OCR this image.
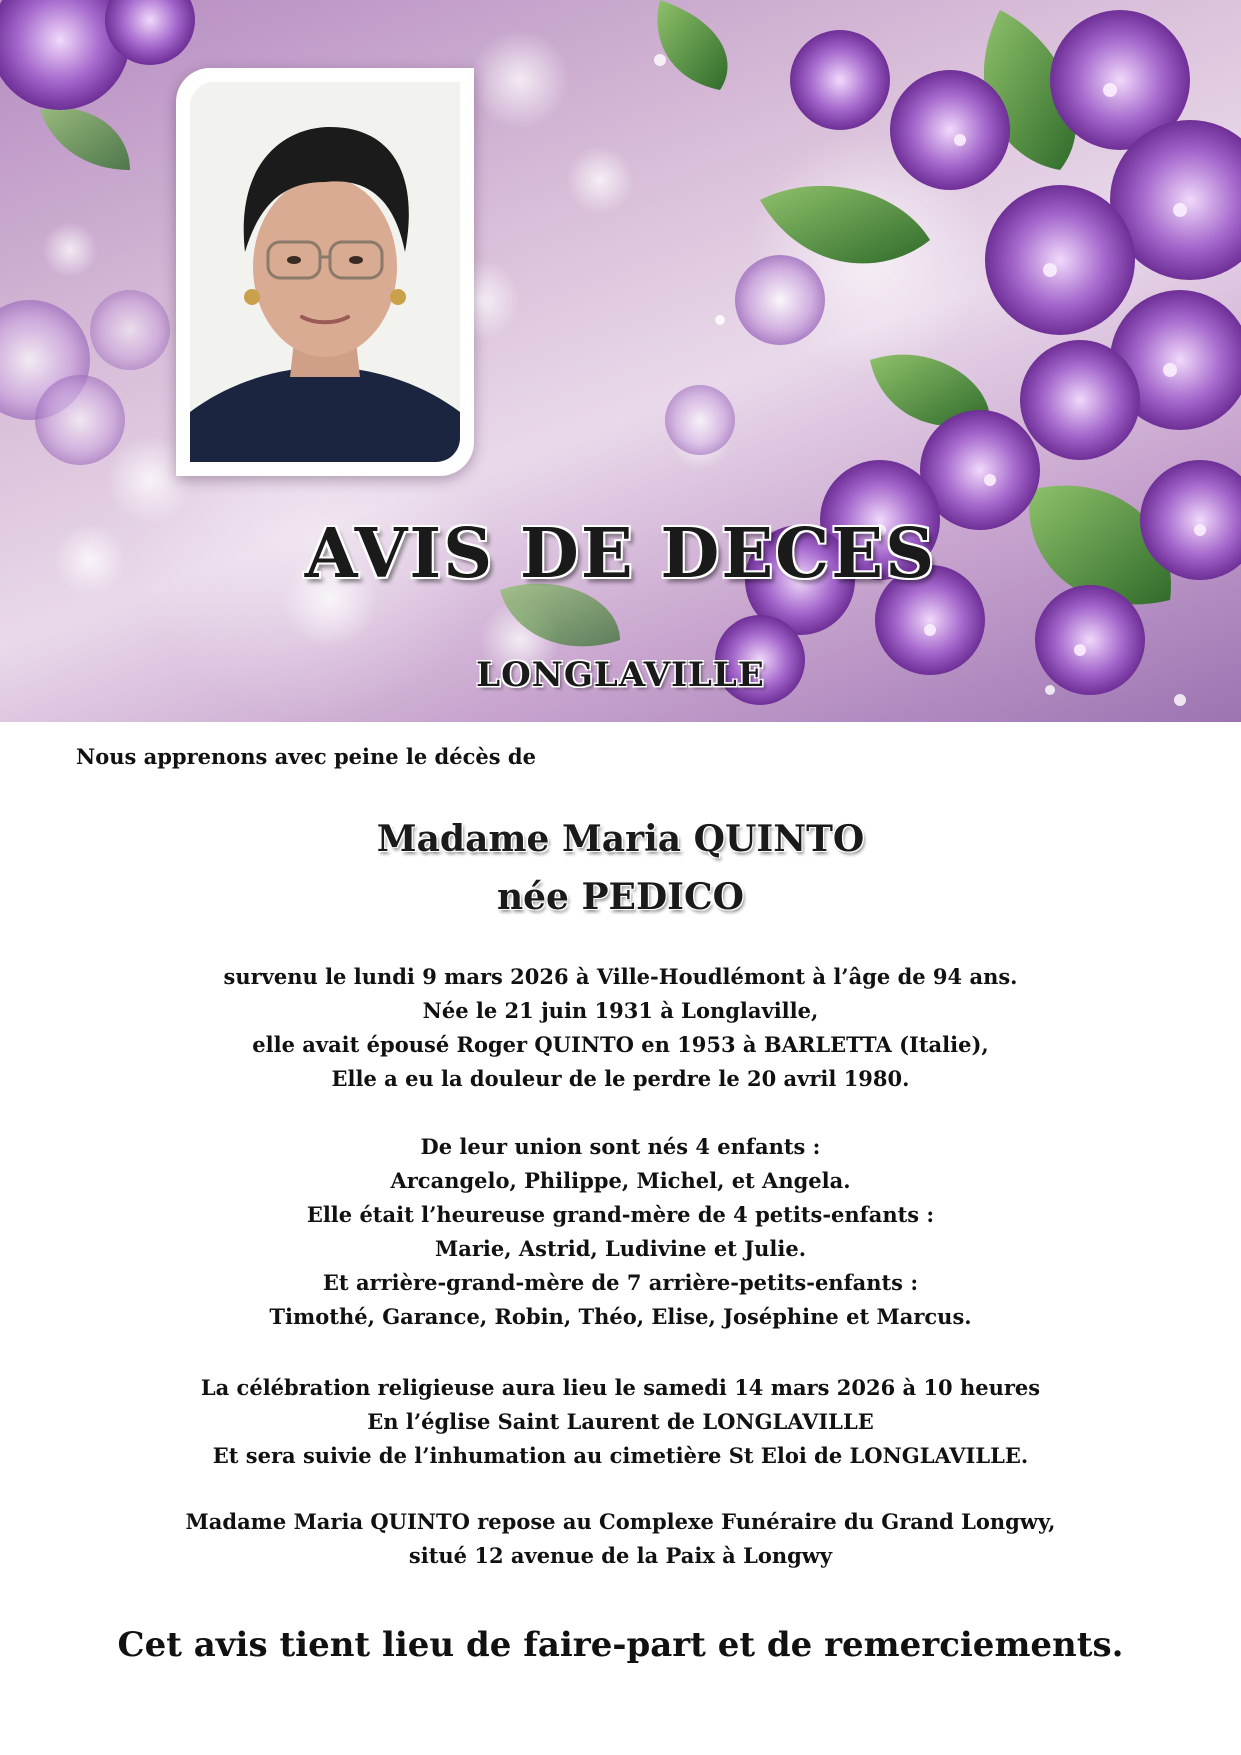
AVIS DE DECES
LONGLAVILLE
Nous apprenons avec peine le décès de
Madame Maria QUINTO
née PEDICO
survenu le lundi 9 mars 2026 à Ville-Houdlémont à l’âge de 94 ans.
Née le 21 juin 1931 à Longlaville,
elle avait épousé Roger QUINTO en 1953 à BARLETTA (Italie),
Elle a eu la douleur de le perdre le 20 avril 1980.
De leur union sont nés 4 enfants :
Arcangelo, Philippe, Michel, et Angela.
Elle était l’heureuse grand-mère de 4 petits-enfants :
Marie, Astrid, Ludivine et Julie.
Et arrière-grand-mère de 7 arrière-petits-enfants :
Timothé, Garance, Robin, Théo, Elise, Joséphine et Marcus.
La célébration religieuse aura lieu le samedi 14 mars 2026 à 10 heures
En l’église Saint Laurent de LONGLAVILLE
Et sera suivie de l’inhumation au cimetière St Eloi de LONGLAVILLE.
Madame Maria QUINTO repose au Complexe Funéraire du Grand Longwy,
situé 12 avenue de la Paix à Longwy
Cet avis tient lieu de faire-part et de remerciements.
